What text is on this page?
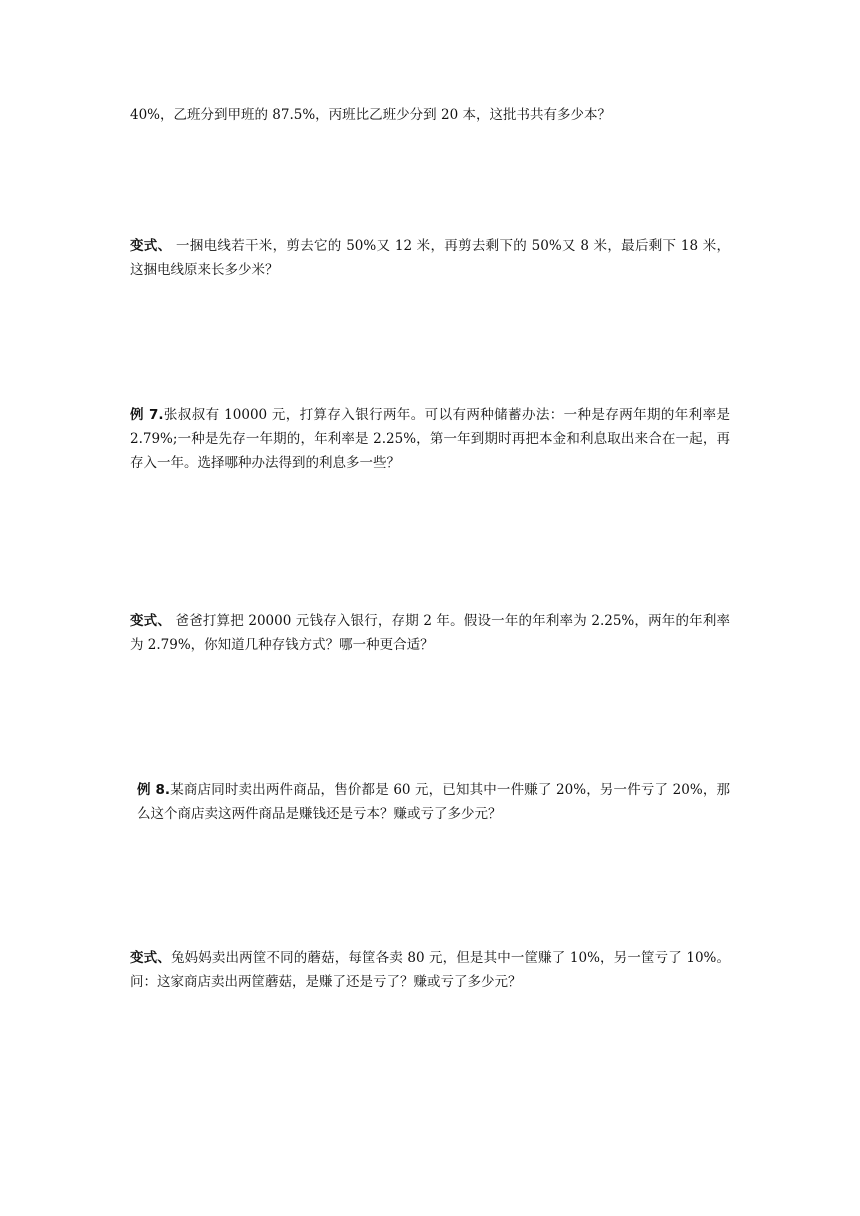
40%，乙班分到甲班的 87.5%，丙班比乙班少分到 20 本，这批书共有多少本？

变式、 一捆电线若干米，剪去它的 50%又 12 米，再剪去剩下的 50%又 8 米，最后剩下 18 米，这捆电线原来长多少米？

例 7.张叔叔有 10000 元，打算存入银行两年。可以有两种储蓄办法：一种是存两年期的年利率是 2.79%;一种是先存一年期的，年利率是 2.25%，第一年到期时再把本金和利息取出来合在一起，再存入一年。选择哪种办法得到的利息多一些？

变式、 爸爸打算把 20000 元钱存入银行，存期 2 年。假设一年的年利率为 2.25%，两年的年利率为 2.79%，你知道几种存钱方式？哪一种更合适？

例 8.某商店同时卖出两件商品，售价都是 60 元，已知其中一件赚了 20%，另一件亏了 20%，那么这个商店卖这两件商品是赚钱还是亏本？赚或亏了多少元？

变式、兔妈妈卖出两筐不同的蘑菇，每筐各卖 80 元，但是其中一筐赚了 10%，另一筐亏了 10%。问：这家商店卖出两筐蘑菇，是赚了还是亏了？赚或亏了多少元？
